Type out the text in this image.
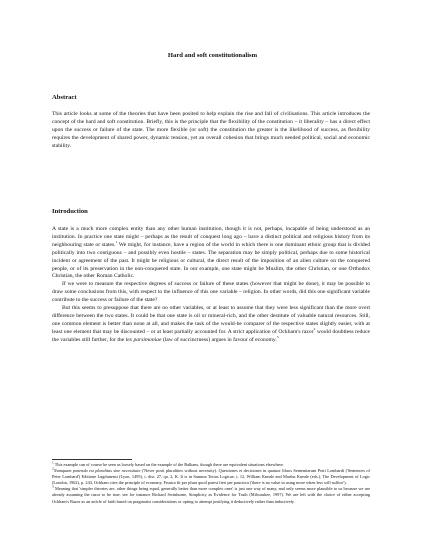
Hard and soft constitutionalism
Abstract

This article looks at some of the theories that have been posited to help explain the rise and fall of civilisations. This article introduces the concept of the hard and soft constitution. Briefly, this is the principle that the flexibility of the constitution – it liberality – has a direct effect upon the success or failure of the state. The more flexible (or soft) the constitution the greater is the likelihood of success, as flexibility requires the development of shared power, dynamic tension, yet an overall cohesion that brings much needed political, social and economic stability.

Introduction

A state is a much more complex entity than any other human institution, though it is not, perhaps, incapable of being understood as an institution. In practice one state might – perhaps as the result of conquest long ago – have a distinct political and religious history from its neighbouring state or states.$^1$ We might, for instance, have a region of the world in which there is one dominant ethnic group that is divided politically into two contiguous – and possibly even hostile – states. The separation may be simply political, perhaps due to some historical incident or agreement of the past. It might be religious or cultural, the direct result of the imposition of an alien culture on the conquered people, or of its preservation in the non-conquered state. In our example, one state might be Muslim, the other Christian, or one Orthodox Christian, the other Roman Catholic.

If we were to measure the respective degrees of success or failure of these states (however that might be done), it may be possible to draw some conclusions from this, with respect to the influence of this one variable – religion. In other words, did this one significant variable contribute to the success or failure of the state?

But this seems to presuppose that there are no other variables, or at least to assume that they were less significant than the more overt difference between the two states. It could be that one state is oil or mineral-rich, and the other destitute of valuable natural resources. Still, one common element is better than none at all, and makes the task of the would-be comparer of the respective states slightly easier, with at least one element that may be discounted – or at least partially accounted for. A strict application of Ockham's razor$^2$ would doubtless reduce the variables still further, for the lex parsimoniae (law of succinctness) argues in favour of economy.$^3$

$^1$ This example can of course be seen as loosely based on the example of the Balkans, though there are equivalent situations elsewhere.

$^2$Numquam ponenda est pluralitas sine necessitate ('Never posit pluralities without necessity). Questiones et decisiones in quatuor libros Sententiarum Petri Lombardi ('Sentences of Peter Lombard') Editione Lugdunensi (Lyon, 1495), i, dist. 27, qu. 2, K. It is in Summa Totius Logicae, i, 12, William Kneale and Martha Kneale (eds.), The Development of Logic (London, 1962), p. 243, Ockham cites the principle of economy, Frustra fit per plura quod potest fieri per pauciora ('there is no value in using more when less will suffice').

$^3$ Meaning that 'simpler theories are, other things being equal, generally better than more complex ones' is just one way of many, and only seems more plausible to us because we are already assuming the razor to be true; see for instance Richard Swinburne, Simplicity as Evidence for Truth (Milwaukee, 1997). We are left with the choice of either accepting Ockham's Razor as an article of faith based on pragmatist considerations or opting to attempt justifying it deductively rather than inductively.
